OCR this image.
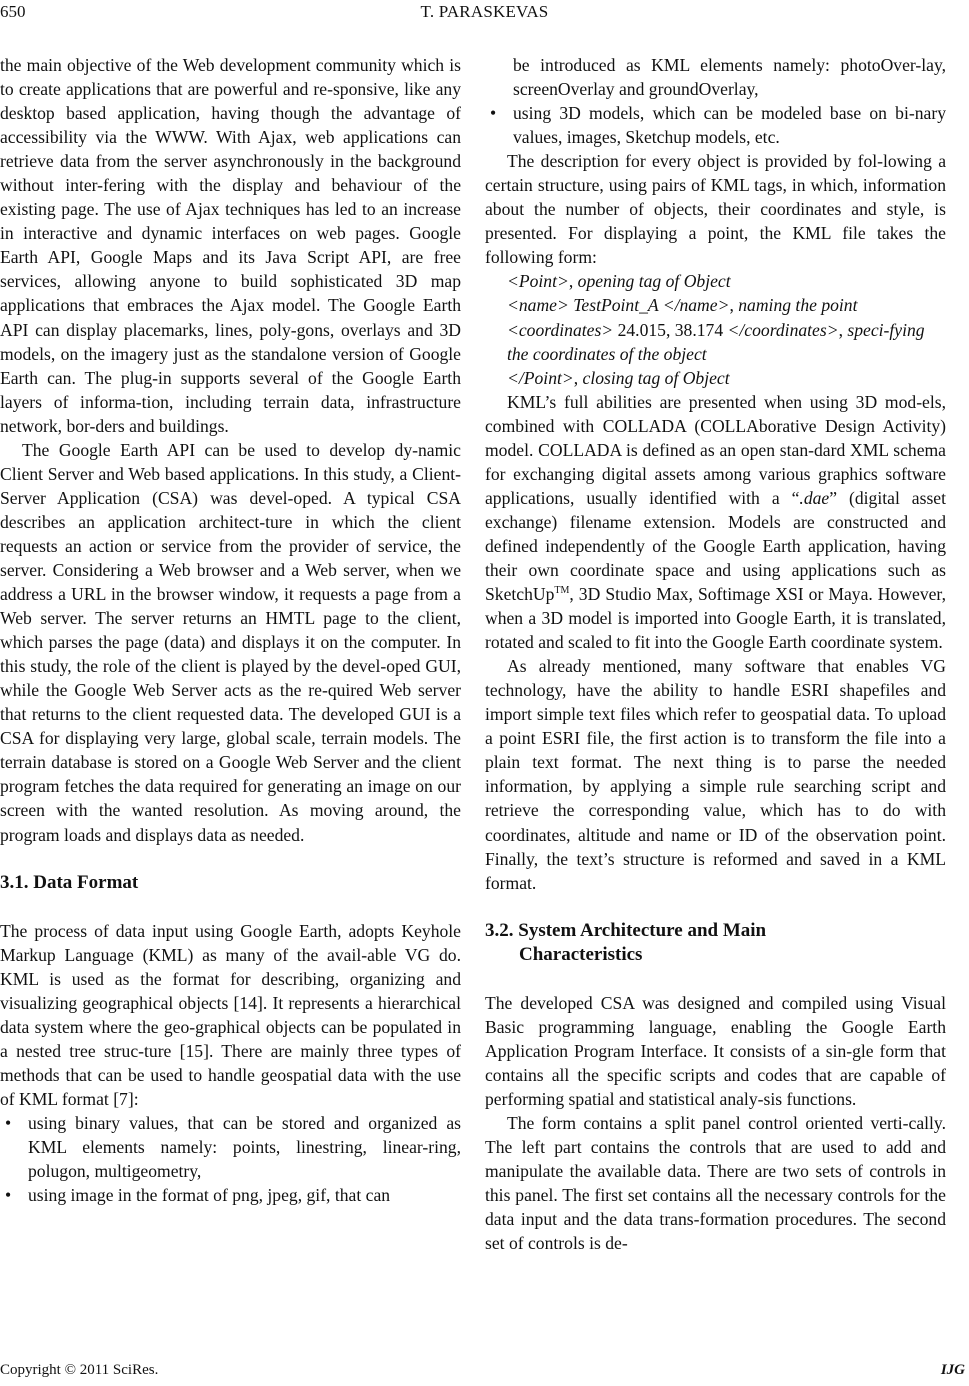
650	T. PARASKEVAS

the main objective of the Web development community which is to create applications that are powerful and re-sponsive, like any desktop based application, having though the advantage of accessibility via the WWW. With Ajax, web applications can retrieve data from the server asynchronously in the background without inter-fering with the display and behaviour of the existing page. The use of Ajax techniques has led to an increase in interactive and dynamic interfaces on web pages. Google Earth API, Google Maps and its Java Script API, are free services, allowing anyone to build sophisticated 3D map applications that embraces the Ajax model. The Google Earth API can display placemarks, lines, poly-gons, overlays and 3D models, on the imagery just as the standalone version of Google Earth can. The plug-in supports several of the Google Earth layers of informa-tion, including terrain data, infrastructure network, bor-ders and buildings.

The Google Earth API can be used to develop dy-namic Client Server and Web based applications. In this study, a Client-Server Application (CSA) was devel-oped. A typical CSA describes an application architect-ture in which the client requests an action or service from the provider of service, the server. Considering a Web browser and a Web server, when we address a URL in the browser window, it requests a page from a Web server. The server returns an HMTL page to the client, which parses the page (data) and displays it on the computer. In this study, the role of the client is played by the devel-oped GUI, while the Google Web Server acts as the re-quired Web server that returns to the client requested data. The developed GUI is a CSA for displaying very large, global scale, terrain models. The terrain database is stored on a Google Web Server and the client program fetches the data required for generating an image on our screen with the wanted resolution. As moving around, the program loads and displays data as needed.

3.1. Data Format

The process of data input using Google Earth, adopts Keyhole Markup Language (KML) as many of the avail-able VG do. KML is used as the format for describing, organizing and visualizing geographical objects [14]. It represents a hierarchical data system where the geo-graphical objects can be populated in a nested tree struc-ture [15]. There are mainly three types of methods that can be used to handle geospatial data with the use of KML format [7]:

• using binary values, that can be stored and organized as KML elements namely: points, linestring, linear-ring, polugon, multigeometry,
• using image in the format of png, jpeg, gif, that can
be introduced as KML elements namely: photoOver-lay, screenOverlay and groundOverlay,
• using 3D models, which can be modeled base on bi-nary values, images, Sketchup models, etc.

The description for every object is provided by fol-lowing a certain structure, using pairs of KML tags, in which, information about the number of objects, their coordinates and style, is presented. For displaying a point, the KML file takes the following form:

<Point>, opening tag of Object
<name> TestPoint_A </name>, naming the point
<coordinates> 24.015, 38.174 </coordinates>, speci-fying the coordinates of the object
</Point>, closing tag of Object

KML’s full abilities are presented when using 3D mod-els, combined with COLLADA (COLLAborative Design Activity) model. COLLADA is defined as an open stan-dard XML schema for exchanging digital assets among various graphics software applications, usually identified with a “.dae” (digital asset exchange) filename extension. Models are constructed and defined independently of the Google Earth application, having their own coordinate space and using applications such as SketchUp™, 3D Studio Max, Softimage XSI or Maya. However, when a 3D model is imported into Google Earth, it is translated, rotated and scaled to fit into the Google Earth coordinate system.

As already mentioned, many software that enables VG technology, have the ability to handle ESRI shapefiles and import simple text files which refer to geospatial data. To upload a point ESRI file, the first action is to transform the file into a plain text format. The next thing is to parse the needed information, by applying a simple rule searching script and retrieve the corresponding value, which has to do with coordinates, altitude and name or ID of the observation point. Finally, the text’s structure is reformed and saved in a KML format.

3.2. System Architecture and Main
Characteristics

The developed CSA was designed and compiled using Visual Basic programming language, enabling the Google Earth Application Program Interface. It consists of a sin-gle form that contains all the specific scripts and codes that are capable of performing spatial and statistical analy-sis functions.

The form contains a split panel control oriented verti-cally. The left part contains the controls that are used to add and manipulate the available data. There are two sets of controls in this panel. The first set contains all the necessary controls for the data input and the data trans-formation procedures. The second set of controls is de-

Copyright © 2011 SciRes.	IJG
